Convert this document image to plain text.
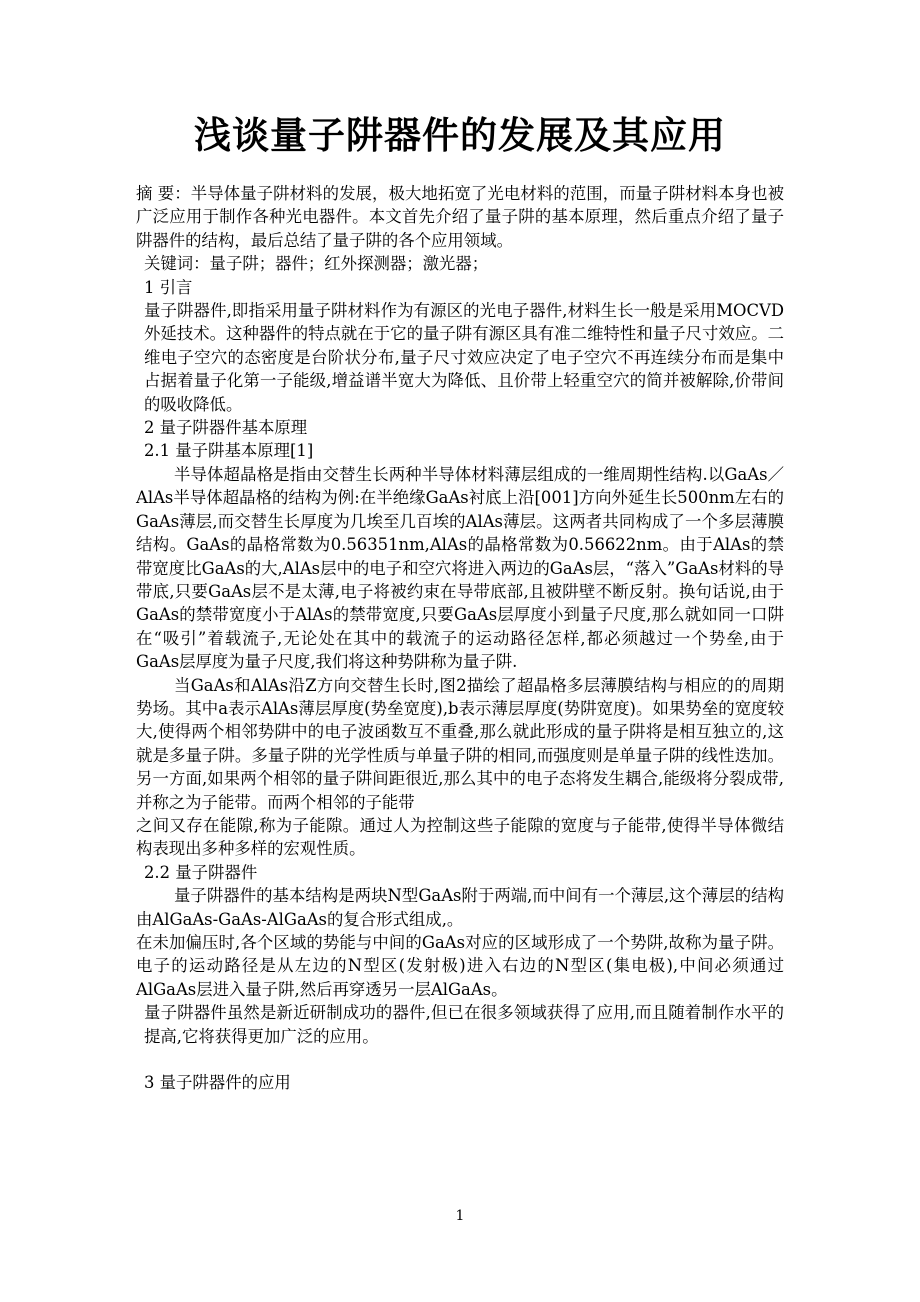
浅谈量子阱器件的发展及其应用

摘 要：半导体量子阱材料的发展，极大地拓宽了光电材料的范围，而量子阱材料本身也被广泛应用于制作各种光电器件。本文首先介绍了量子阱的基本原理，然后重点介绍了量子阱器件的结构，最后总结了量子阱的各个应用领域。

关键词：量子阱；器件；红外探测器；激光器；

1 引言

量子阱器件,即指采用量子阱材料作为有源区的光电子器件,材料生长一般是采用MOCVD外延技术。这种器件的特点就在于它的量子阱有源区具有准二维特性和量子尺寸效应。二维电子空穴的态密度是台阶状分布,量子尺寸效应决定了电子空穴不再连续分布而是集中占据着量子化第一子能级,增益谱半宽大为降低、且价带上轻重空穴的简并被解除,价带间的吸收降低。

2 量子阱器件基本原理

2.1 量子阱基本原理[1]

半导体超晶格是指由交替生长两种半导体材料薄层组成的一维周期性结构.以GaAs／AlAs半导体超晶格的结构为例:在半绝缘GaAs衬底上沿[001]方向外延生长500nm左右的GaAs薄层,而交替生长厚度为几埃至几百埃的AlAs薄层。这两者共同构成了一个多层薄膜结构。GaAs的晶格常数为0.56351nm,AlAs的晶格常数为0.56622nm。由于AlAs的禁带宽度比GaAs的大,AlAs层中的电子和空穴将进入两边的GaAs层，“落入”GaAs材料的导带底,只要GaAs层不是太薄,电子将被约束在导带底部,且被阱壁不断反射。换句话说,由于GaAs的禁带宽度小于AlAs的禁带宽度,只要GaAs层厚度小到量子尺度,那么就如同一口阱在“吸引”着载流子,无论处在其中的载流子的运动路径怎样,都必须越过一个势垒,由于GaAs层厚度为量子尺度,我们将这种势阱称为量子阱.

当GaAs和AlAs沿Z方向交替生长时,图2描绘了超晶格多层薄膜结构与相应的的周期势场。其中a表示AlAs薄层厚度(势垒宽度),b表示薄层厚度(势阱宽度)。如果势垒的宽度较大,使得两个相邻势阱中的电子波函数互不重叠,那么就此形成的量子阱将是相互独立的,这就是多量子阱。多量子阱的光学性质与单量子阱的相同,而强度则是单量子阱的线性迭加。另一方面,如果两个相邻的量子阱间距很近,那么其中的电子态将发生耦合,能级将分裂成带,并称之为子能带。而两个相邻的子能带

之间又存在能隙,称为子能隙。通过人为控制这些子能隙的宽度与子能带,使得半导体微结构表现出多种多样的宏观性质。

2.2 量子阱器件

量子阱器件的基本结构是两块N型GaAs附于两端,而中间有一个薄层,这个薄层的结构由AlGaAs-GaAs-AlGaAs的复合形式组成,。

在未加偏压时,各个区域的势能与中间的GaAs对应的区域形成了一个势阱,故称为量子阱。电子的运动路径是从左边的N型区(发射极)进入右边的N型区(集电极),中间必须通过AlGaAs层进入量子阱,然后再穿透另一层AlGaAs。

量子阱器件虽然是新近研制成功的器件,但已在很多领域获得了应用,而且随着制作水平的提高,它将获得更加广泛的应用。

3 量子阱器件的应用

1
